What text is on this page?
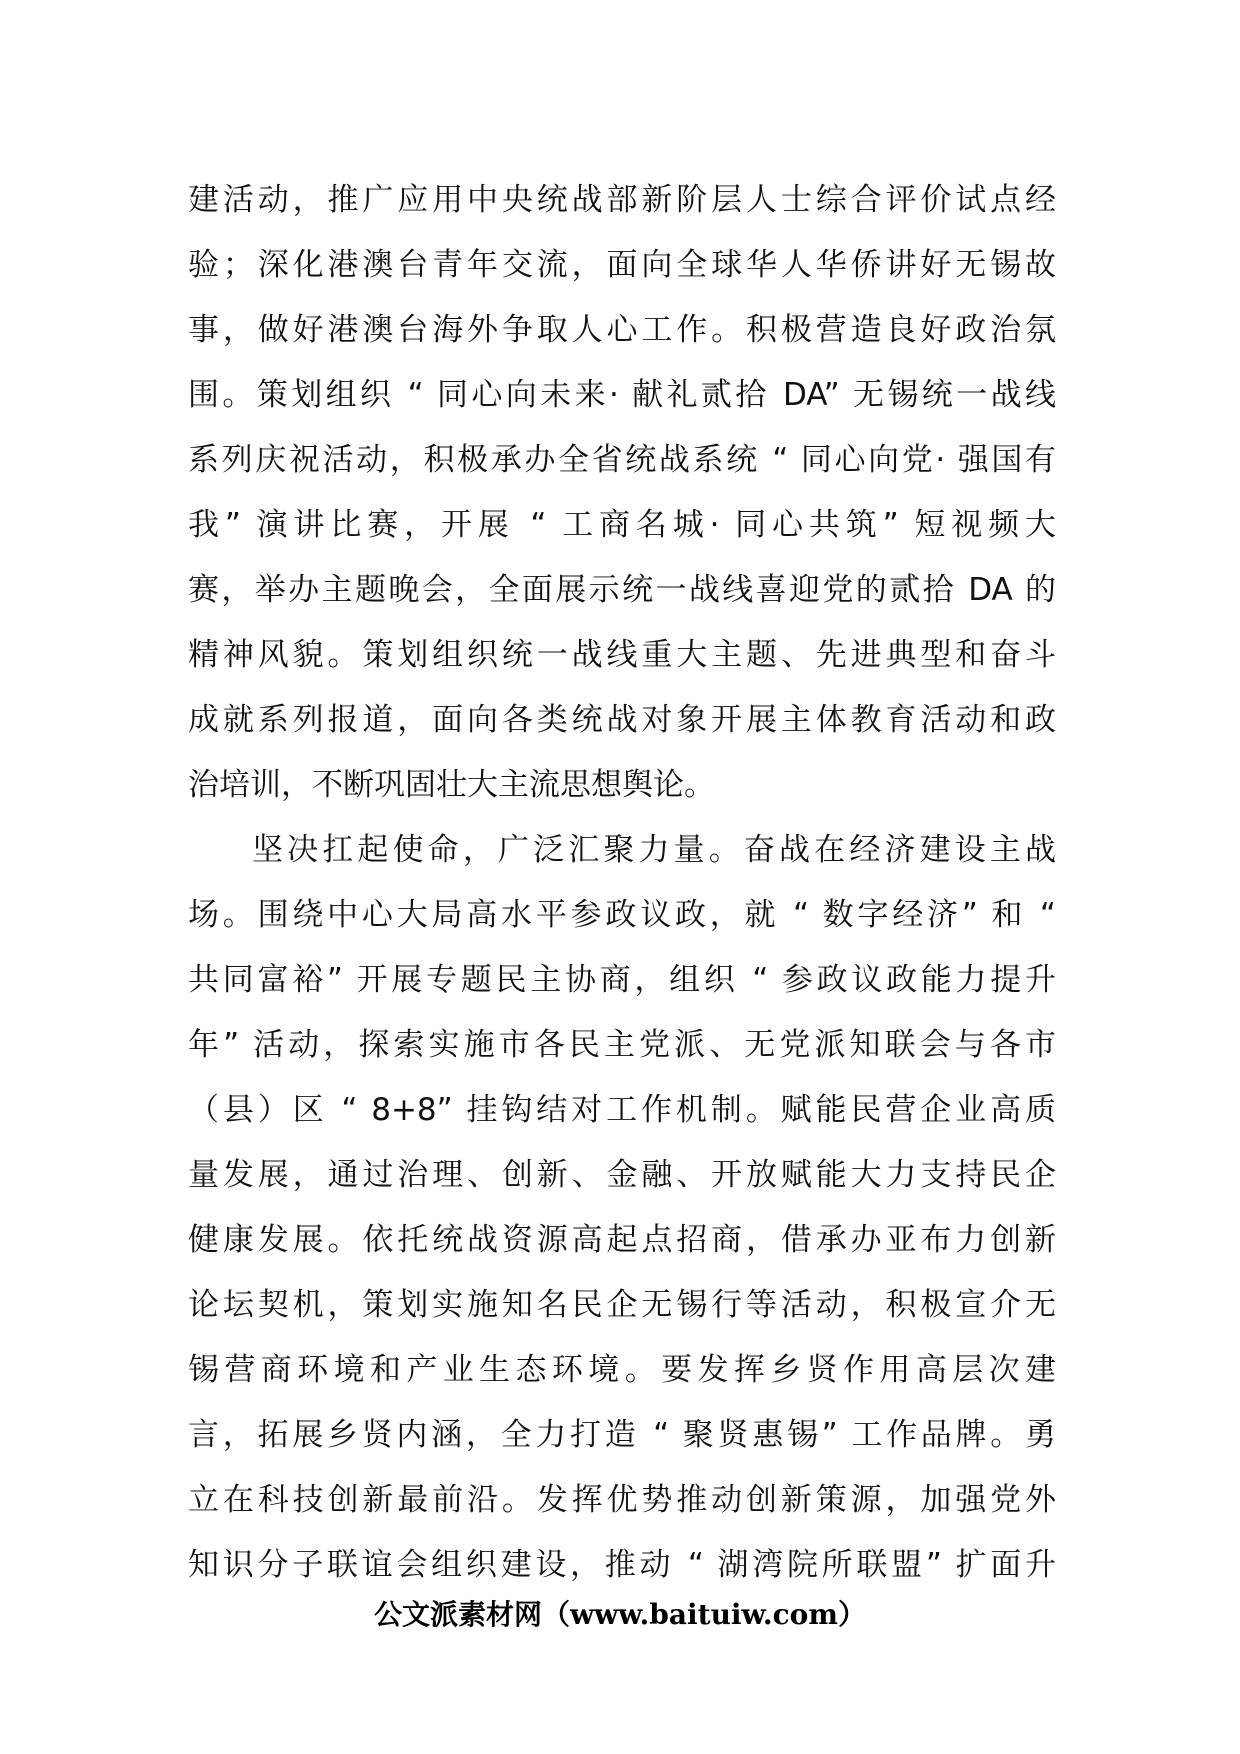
建活动，推广应用中央统战部新阶层人士综合评价试点经
验；深化港澳台青年交流，面向全球华人华侨讲好无锡故
事，做好港澳台海外争取人心工作。积极营造良好政治氛
围。策划组织 “ 同心向未来· 献礼贰拾 DA” 无锡统一战线
系列庆祝活动，积极承办全省统战系统 “ 同心向党· 强国有
我” 演讲比赛，开展 “ 工商名城· 同心共筑” 短视频大
赛，举办主题晚会，全面展示统一战线喜迎党的贰拾 DA 的
精神风貌。策划组织统一战线重大主题、先进典型和奋斗
成就系列报道，面向各类统战对象开展主体教育活动和政
治培训，不断巩固壮大主流思想舆论。
坚决扛起使命，广泛汇聚力量。奋战在经济建设主战
场。围绕中心大局高水平参政议政，就 “ 数字经济” 和 “
共同富裕” 开展专题民主协商，组织 “ 参政议政能力提升
年” 活动，探索实施市各民主党派、无党派知联会与各市
（县）区 “ 8+8” 挂钩结对工作机制。赋能民营企业高质
量发展，通过治理、创新、金融、开放赋能大力支持民企
健康发展。依托统战资源高起点招商，借承办亚布力创新
论坛契机，策划实施知名民企无锡行等活动，积极宣介无
锡营商环境和产业生态环境。要发挥乡贤作用高层次建
言，拓展乡贤内涵，全力打造 “ 聚贤惠锡” 工作品牌。勇
立在科技创新最前沿。发挥优势推动创新策源，加强党外
知识分子联谊会组织建设，推动 “ 湖湾院所联盟” 扩面升
公文派素材网（www.baituiw.com）
